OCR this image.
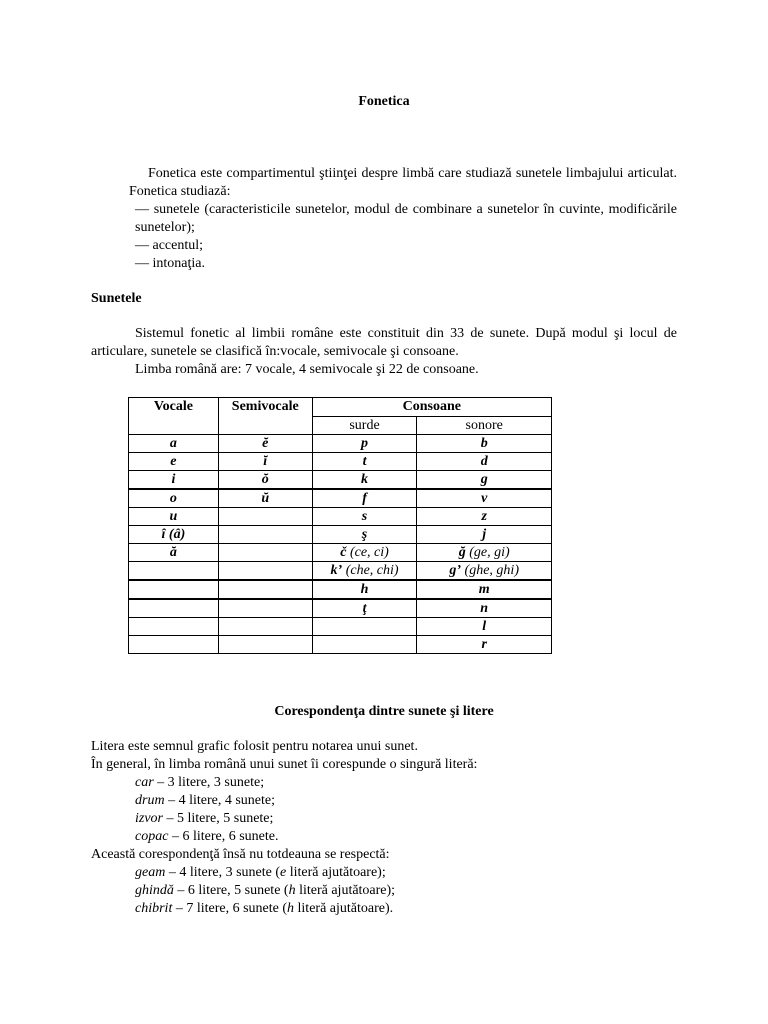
Fonetica
Fonetica este compartimentul ştiinţei despre limbă care studiază sunetele limbajului articulat. Fonetica studiază:
— sunetele (caracteristicile sunetelor, modul de combinare a sunetelor în cuvinte, modificările sunetelor);
— accentul;
— intonaţia.
Sunetele
Sistemul fonetic al limbii române este constituit din 33 de sunete. După modul şi locul de articulare, sunetele se clasifică în:vocale, semivocale şi consoane.
Limba română are: 7 vocale, 4 semivocale şi 22 de consoane.
Vocale	Semivocale	Consoane	
		surde	sonore
a	ĕ	p	b
e	ĭ	t	d
i	ŏ	k	g
o	ŭ	f	v
u		s	z
î (â)		ş	j
ă		č (ce, ci)	ğ (ge, gi)
		k’ (che, chi)	g’ (ghe, ghi)
		h	m
		ţ	n
			l
			r
Corespondenţa dintre sunete şi litere
Litera este semnul grafic folosit pentru notarea unui sunet.
În general, în limba română unui sunet îi corespunde o singură literă:
car – 3 litere, 3 sunete;
drum – 4 litere, 4 sunete;
izvor – 5 litere, 5 sunete;
copac – 6 litere, 6 sunete.
Această corespondenţă însă nu totdeauna se respectă:
geam – 4 litere, 3 sunete (e literă ajutătoare);
ghindă – 6 litere, 5 sunete (h literă ajutătoare);
chibrit – 7 litere, 6 sunete (h literă ajutătoare).
